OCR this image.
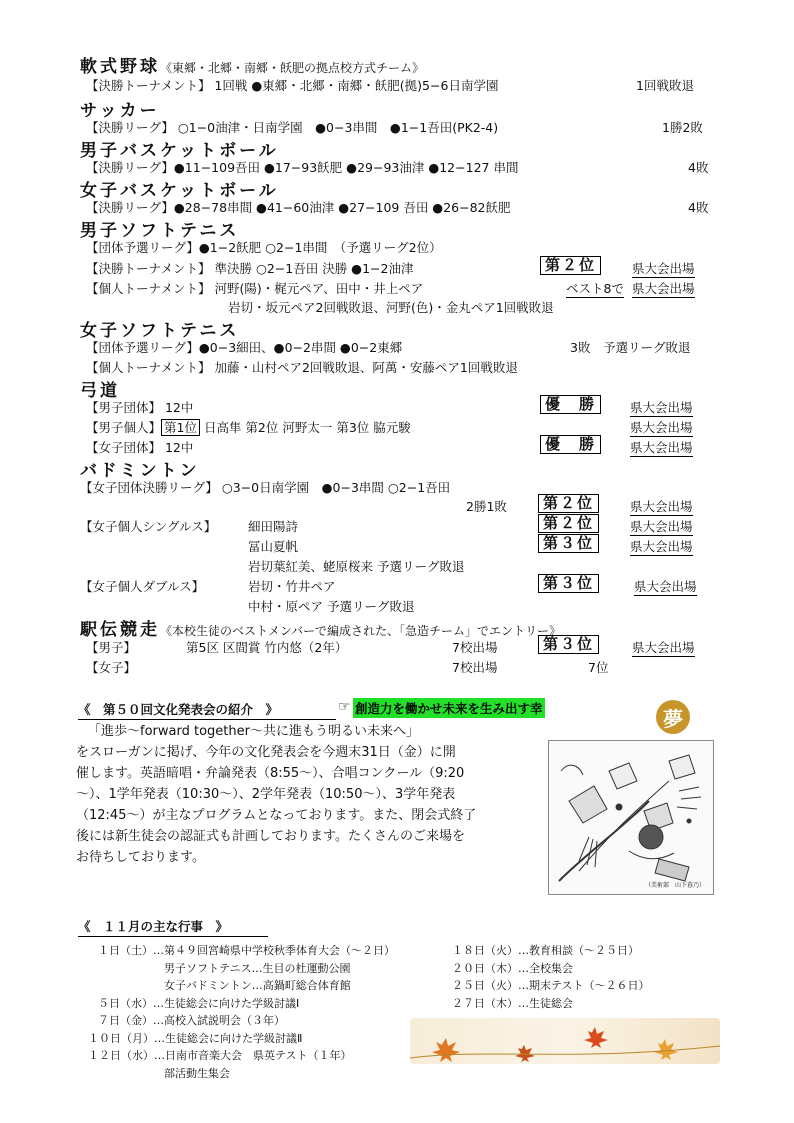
軟式野球《東郷・北郷・南郷・飫肥の拠点校方式チーム》
【決勝トーナメント】 1回戦 ●東郷・北郷・南郷・飫肥(拠)5−6日南学園	1回戦敗退
サッカー
【決勝リーグ】 ○1−0油津・日南学園　●0−3串間　●1−1吾田(PK2-4)	1勝2敗
男子バスケットボール
【決勝リーグ】●11−109吾田 ●17−93飫肥 ●29−93油津 ●12−127 串間	4敗
女子バスケットボール
【決勝リーグ】●28−78串間 ●41−60油津 ●27−109 吾田 ●26−82飫肥	4敗
男子ソフトテニス
【団体予選リーグ】●1−2飫肥 ○2−1串間　（予選リーグ2位）
【決勝トーナメント】 準決勝 ○2−1吾田 決勝 ●1−2油津	第２位	県大会出場
【個人トーナメント】 河野(陽)・梶元ペア、田中・井上ペア	ベスト8で 県大会出場
岩切・坂元ペア2回戦敗退、河野(色)・金丸ペア1回戦敗退
女子ソフトテニス
【団体予選リーグ】●0−3細田、●0−2串間 ●0−2東郷	3敗　予選リーグ敗退
【個人トーナメント】 加藤・山村ペア2回戦敗退、阿萬・安藤ペア1回戦敗退
弓道
【男子団体】 12中	優　勝	県大会出場
【男子個人】 第1位 日高隼 第2位 河野太一 第3位 脇元駿	県大会出場
【女子団体】 12中	優　勝	県大会出場
バドミントン
【女子団体決勝リーグ】 ○3−0日南学園　●0−3串間 ○2−1吾田
2勝1敗	第２位	県大会出場
【女子個人シングルス】	細田陽詩	第２位	県大会出場
冨山夏帆	第３位	県大会出場
岩切葉紅美、蛯原桜来 予選リーグ敗退
【女子個人ダブルス】	岩切・竹井ペア	第３位	県大会出場
中村・原ペア 予選リーグ敗退
駅伝競走《本校生徒のベストメンバーで編成された、「急造チーム」でエントリー》
【男子】	第5区 区間賞 竹内悠（2年）	7校出場	第３位	県大会出場
【女子】	7校出場	7位
《　第５０回文化発表会の紹介　》	☞ 創造力を働かせ未来を生み出す幸	夢
「進歩～forward together～共に進もう明るい未来へ」
をスローガンに掲げ、今年の文化発表会を今週末31日（金）に開
催します。英語暗唱・弁論発表（8:55～）、合唱コンクール（9:20
～）、1学年発表（10:30～）、2学年発表（10:50～）、3学年発表
（12:45～）が主なプログラムとなっております。また、閉会式終了
後には新生徒会の認証式も計画しております。たくさんのご来場を
お待ちしております。
（美術部　山下暮乃）
《　１１月の主な行事　》
１日（土）…第４９回宮崎県中学校秋季体育大会（～２日）
　　　　　　男子ソフトテニス…生目の杜運動公園
　　　　　　女子バドミントン…高鍋町総合体育館
５日（水）…生徒総会に向けた学級討議Ⅰ
７日（金）…高校入試説明会（３年）
１０日（月）…生徒総会に向けた学級討議Ⅱ
１２日（水）…日南市音楽大会　県英テスト（１年）
　　　　　　部活動生集会
１８日（火）…教育相談（～２５日）
２０日（木）…全校集会
２５日（火）…期末テスト（～２６日）
２７日（木）…生徒総会
